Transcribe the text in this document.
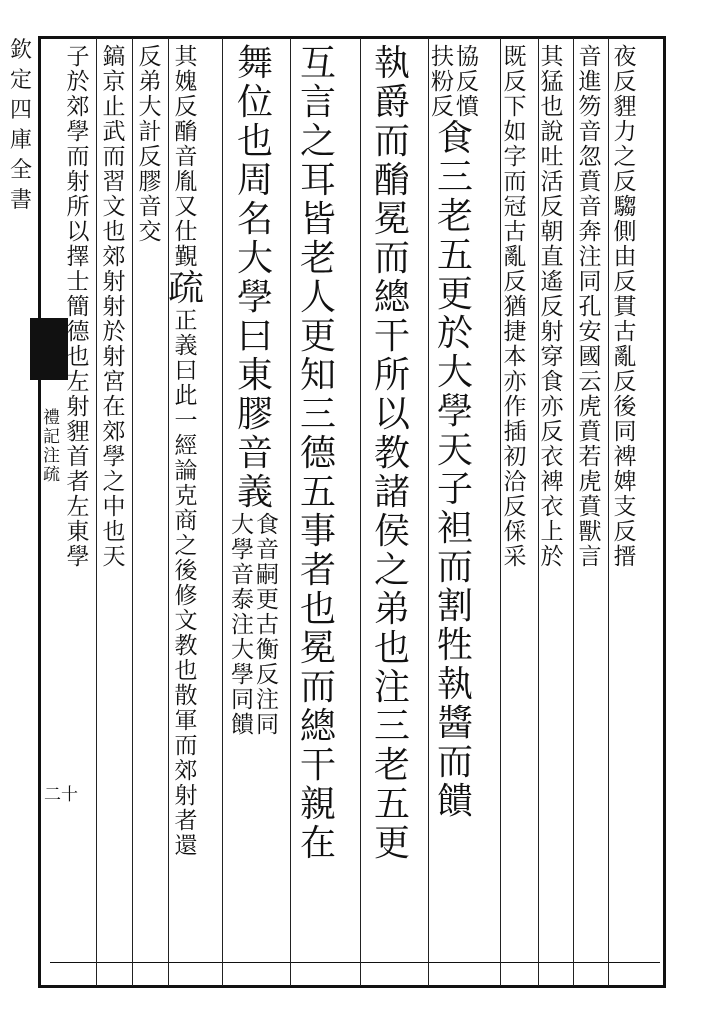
欽
定
四
庫
全
書
禮
記
注
疏
二十
夜
反
貍
力
之
反
騶
側
由
反
貫
古
亂
反
後
同
裨
婢
支
反
搢
音
進
笏
音
忽
賁
音
奔
注
同
孔
安
國
云
虎
賁
若
虎
賁
獸
言
其
猛
也
說
吐
活
反
朝
直
遙
反
射
穿
食
亦
反
衣
裨
衣
上
於
既
反
下
如
字
而
冠
古
亂
反
猶
捷
本
亦
作
插
初
洽
反
倸
采
協
反
憤
扶
粉
反
食
三
老
五
更
於
大
學
天
子
袒
而
割
牲
執
醬
而
饋
執
爵
而
酳
冕
而
總
干
所
以
教
諸
侯
之
弟
也
注
三
老
五
更
互
言
之
耳
皆
老
人
更
知
三
德
五
事
者
也
冕
而
總
干
親
在
舞
位
也
周
名
大
學
曰
東
膠
音
義
食
音
嗣
更
古
衡
反
注
同
大
學
音
泰
注
大
學
同
饋
其
媿
反
酳
音
胤
又
仕
覲
疏
正
義
曰
此
一
經
論
克
商
之
後
修
文
教
也
散
軍
而
郊
射
者
還
反
弟
大
計
反
膠
音
交
鎬
京
止
武
而
習
文
也
郊
射
射
於
射
宮
在
郊
學
之
中
也
天
子
於
郊
學
而
射
所
以
擇
士
簡
德
也
左
射
貍
首
者
左
東
學
